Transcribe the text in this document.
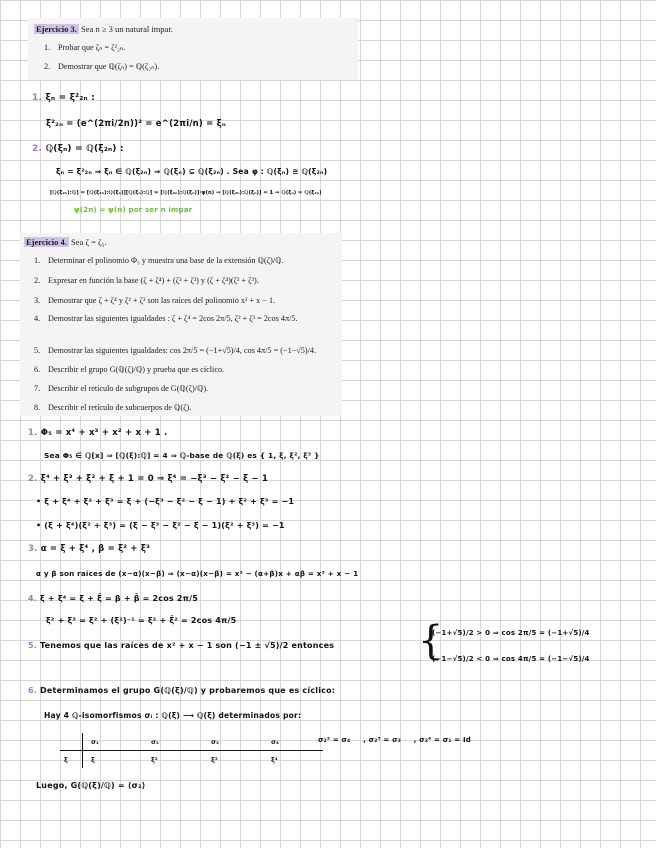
Ejercicio 3. Sea n ≥ 3 un natural impar.
1. Probar que ζₙ = ζ²₂ₙ.
2. Demostrar que ℚ(ζₙ) = ℚ(ζ₂ₙ).
1. ξₙ = ξ²₂ₙ :
ξ²₂ₙ = (e^(2πi/2n))² = e^(2πi/n) = ξₙ
2. ℚ(ξₙ) = ℚ(ξ₂ₙ) :
ξₙ = ξ²₂ₙ ⇒ ξₙ ∈ ℚ(ξ₂ₙ) ⇒ ℚ(ξₙ) ⊆ ℚ(ξ₂ₙ) . Sea φ : ℚ(ξₙ) ≅ ℚ(ξ₂ₙ)
[ℚ(ξ₂ₙ):ℚ] = [ℚ(ξ₂ₙ):ℚ(ξₙ)][ℚ(ξₙ):ℚ] = [ℚ(ξ₂ₙ):ℚ(ξₙ)]·ψ(n) ⇒ [ℚ(ξ₂ₙ):ℚ(ξₙ)] = 1 ⇒ ℚ(ξₙ) = ℚ(ξ₂ₙ)
ψ(2n) = ψ(n) por ser n impar
Ejercicio 4. Sea ζ = ζ₅.
1. Determinar el polinomio Φ₅ y muestra una base de la extensión ℚ(ζ)/ℚ.
2. Expresar en función la base (ζ + ζ⁴) + (ζ² + ζ³) y (ζ + ζ⁴)(ζ² + ζ³).
3. Demostrar que ζ + ζ⁴ y ζ² + ζ³ son las raíces del polinomio x² + x − 1.
4. Demostrar las siguientes igualdades : ζ + ζ⁴ = 2cos 2π/5, ζ² + ζ³ = 2cos 4π/5.
5. Demostrar las siguientes igualdades: cos 2π/5 = (−1+√5)/4, cos 4π/5 = (−1−√5)/4.
6. Describir el grupo G(ℚ(ζ)/ℚ) y prueba que es cíclico.
7. Describir el retículo de subgrupos de G(ℚ(ζ)/ℚ).
8. Describir el retículo de subcuerpos de ℚ(ζ).
1. Φ₅ = x⁴ + x³ + x² + x + 1 .
Sea Φ₅ ∈ ℚ[x] ⇒ [ℚ(ξ):ℚ] = 4 ⇒ ℚ-base de ℚ(ξ) es { 1, ξ, ξ², ξ³ }
2. ξ⁴ + ξ³ + ξ² + ξ + 1 = 0 ⇒ ξ⁴ = −ξ³ − ξ² − ξ − 1
• ξ + ξ⁴ + ξ² + ξ³ = ξ + (−ξ³ − ξ² − ξ − 1) + ξ² + ξ³ = −1
• (ξ + ξ⁴)(ξ² + ξ³) = (ξ − ξ³ − ξ² − ξ − 1)(ξ² + ξ³) = −1
3. α = ξ + ξ⁴ , β = ξ² + ξ³
α y β son raíces de (x−α)(x−β) ⇒ (x−α)(x−β) = x² − (α+β)x + αβ = x² + x − 1
4. ξ + ξ⁴ = ξ + ξ̄ = β + β̄ = 2cos 2π/5
ξ² + ξ³ = ξ² + (ξ²)⁻¹ = ξ² + ξ̄² = 2cos 4π/5
5. Tenemos que las raíces de x² + x − 1 son (−1 ± √5)/2 entonces {
(−1+√5)/2 > 0 ⇒ cos 2π/5 = (−1+√5)/4
(−1−√5)/2 < 0 ⇒ cos 4π/5 = (−1−√5)/4
6. Determinamos el grupo G(ℚ(ξ)/ℚ) y probaremos que es cíclico:
Hay 4 ℚ-isomorfismos σᵢ : ℚ(ξ) ⟶ ℚ(ξ) determinados por:
	σ₁	σ₂	σ₃	σ₄
ξ	ξ	ξ²	ξ³	ξ⁴
σ₂² = σ₄ , σ₂³ = σ₃ , σ₂⁴ = σ₁ = Id
Luego, G(ℚ(ξ)/ℚ) = ⟨σ₂⟩
